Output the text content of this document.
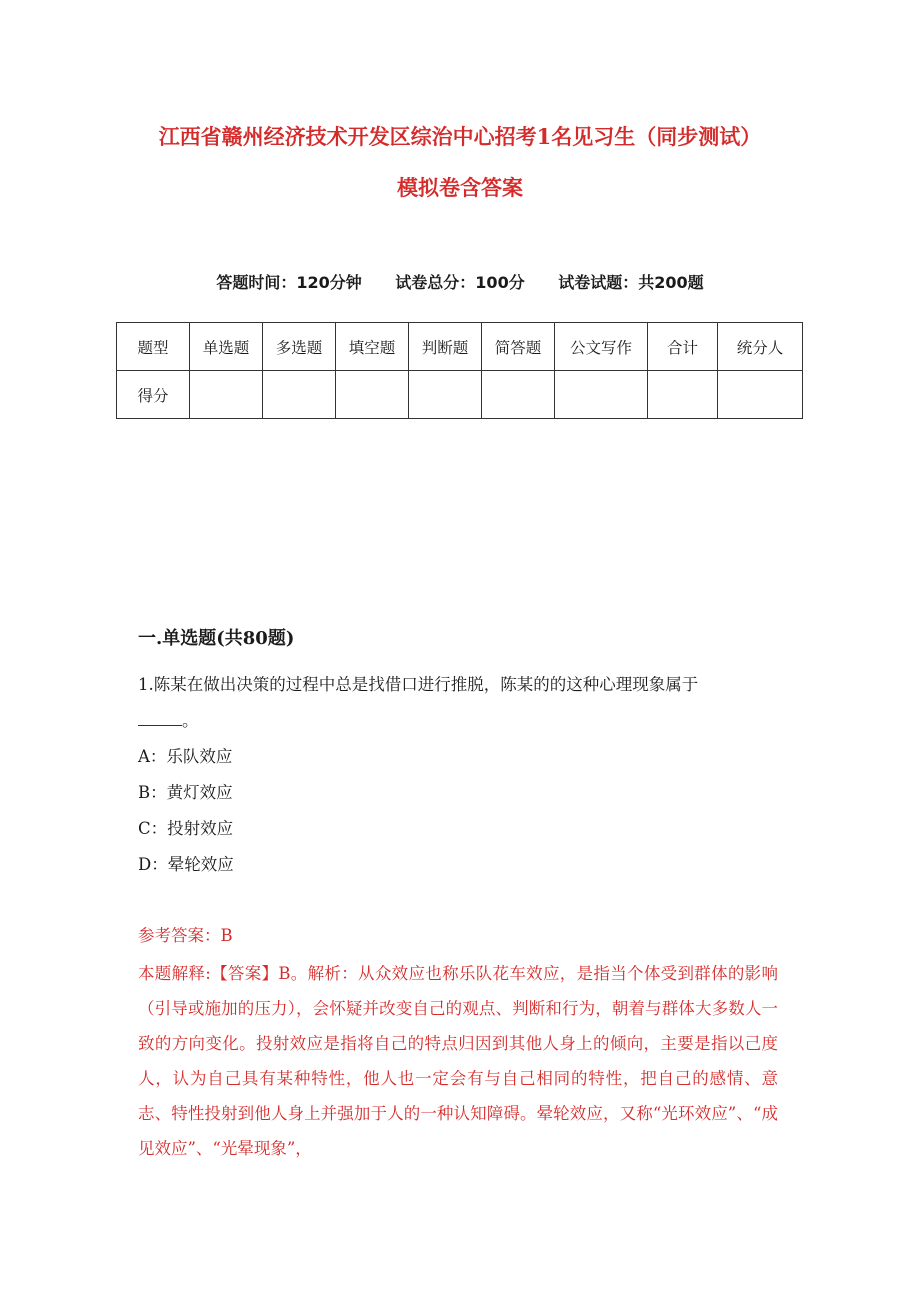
江西省赣州经济技术开发区综治中心招考1名见习生（同步测试）
模拟卷含答案
答题时间：120分钟 试卷总分：100分 试卷试题：共200题
题型	单选题	多选题	填空题	判断题	简答题	公文写作	合计	统分人
得分								
一.单选题(共80题)
1.陈某在做出决策的过程中总是找借口进行推脱，陈某的的这种心理现象属于
。
A：乐队效应
B：黄灯效应
C：投射效应
D：晕轮效应
参考答案：B
本题解释:【答案】B。解析：从众效应也称乐队花车效应，是指当个体受到群体的影响（引导或施加的压力），会怀疑并改变自己的观点、判断和行为，朝着与群体大多数人一致的方向变化。投射效应是指将自己的特点归因到其他人身上的倾向，主要是指以己度人，认为自己具有某种特性，他人也一定会有与自己相同的特性，把自己的感情、意志、特性投射到他人身上并强加于人的一种认知障碍。晕轮效应，又称“光环效应”、“成见效应”、“光晕现象”，
